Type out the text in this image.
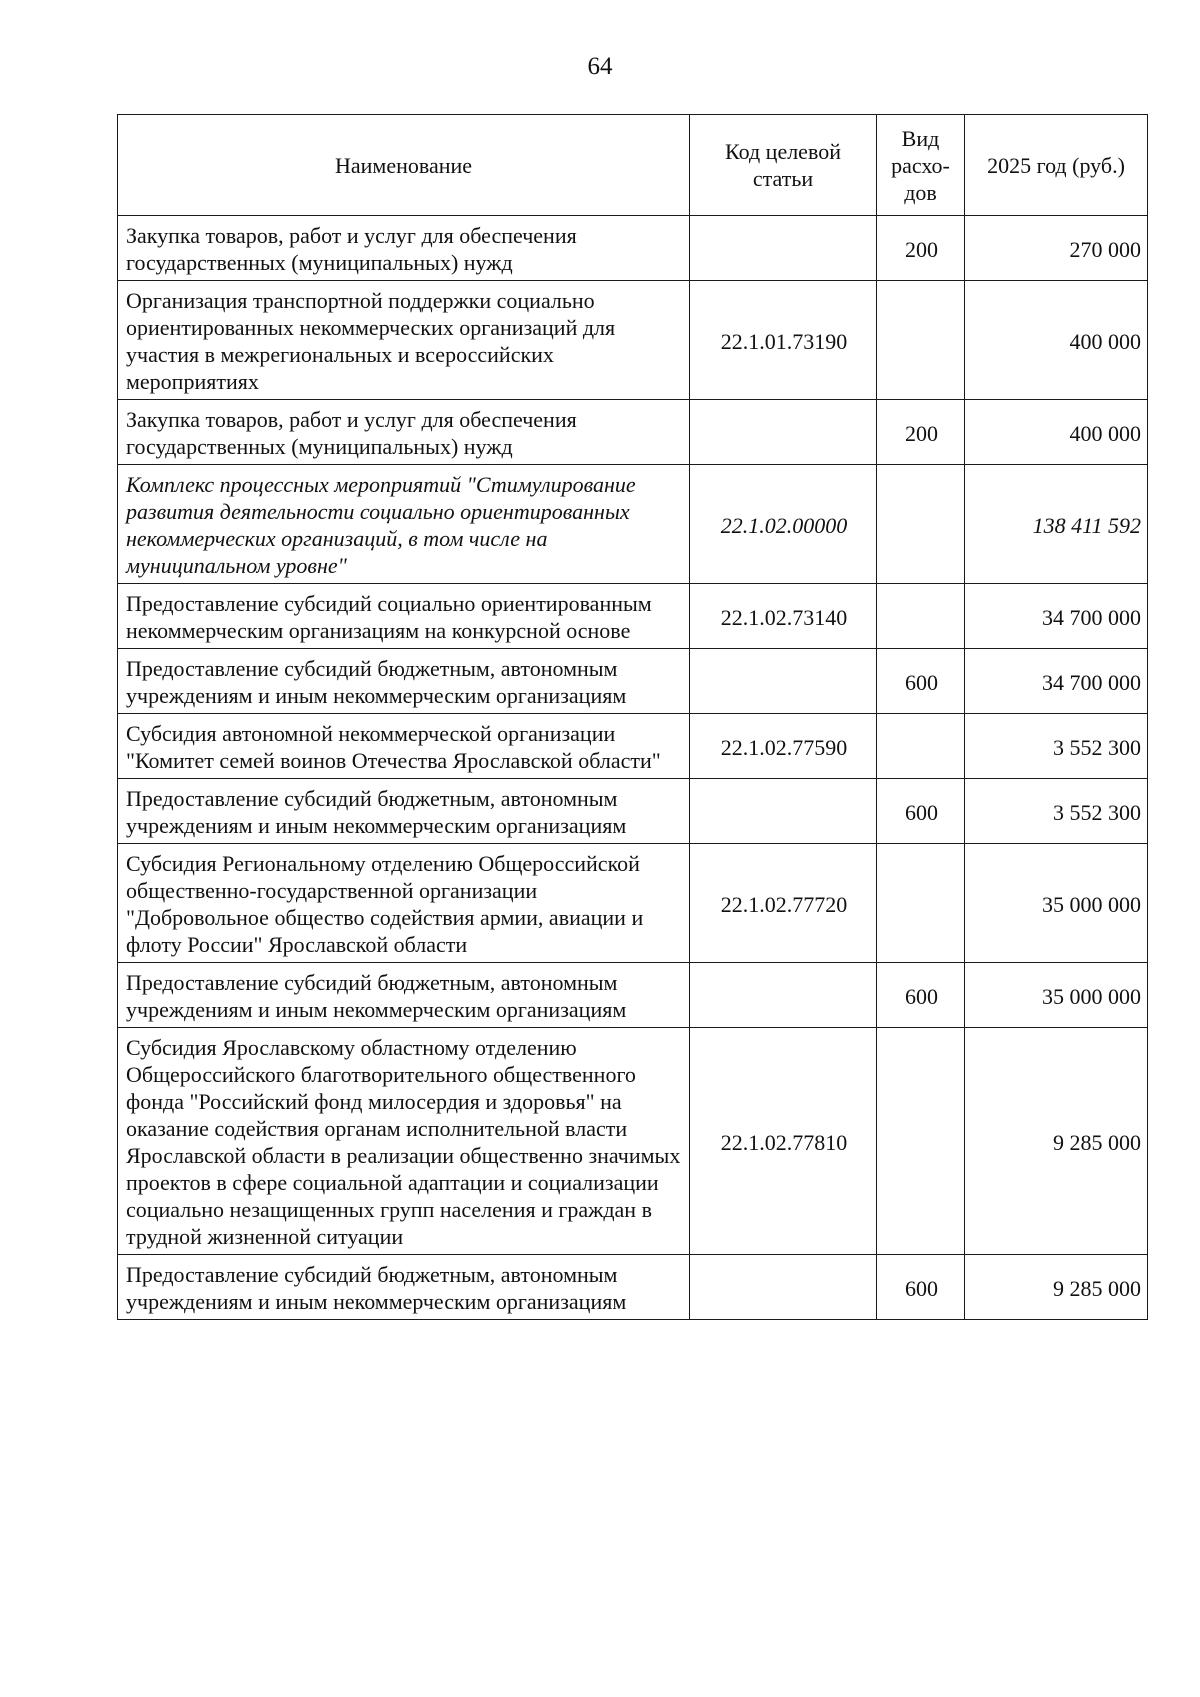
64
Наименование	Код целевой статьи	Вид расхо-дов	2025 год (руб.)
Закупка товаров, работ и услуг для обеспечения государственных (муниципальных) нужд		200	270 000
Организация транспортной поддержки социально ориентированных некоммерческих организаций для участия в межрегиональных и всероссийских мероприятиях	22.1.01.73190		400 000
Закупка товаров, работ и услуг для обеспечения государственных (муниципальных) нужд		200	400 000
Комплекс процессных мероприятий "Стимулирование развития деятельности социально ориентированных некоммерческих организаций, в том числе на муниципальном уровне"	22.1.02.00000		138 411 592
Предоставление субсидий социально ориентированным некоммерческим организациям на конкурсной основе	22.1.02.73140		34 700 000
Предоставление субсидий бюджетным, автономным учреждениям и иным некоммерческим организациям		600	34 700 000
Субсидия автономной некоммерческой организации "Комитет семей воинов Отечества Ярославской области"	22.1.02.77590		3 552 300
Предоставление субсидий бюджетным, автономным учреждениям и иным некоммерческим организациям		600	3 552 300
Субсидия Региональному отделению Общероссийской общественно-государственной организации "Добровольное общество содействия армии, авиации и флоту России" Ярославской области	22.1.02.77720		35 000 000
Предоставление субсидий бюджетным, автономным учреждениям и иным некоммерческим организациям		600	35 000 000
Субсидия Ярославскому областному отделению Общероссийского благотворительного общественного фонда "Российский фонд милосердия и здоровья" на оказание содействия органам исполнительной власти Ярославской области в реализации общественно значимых проектов в сфере социальной адаптации и социализации социально незащищенных групп населения и граждан в трудной жизненной ситуации	22.1.02.77810		9 285 000
Предоставление субсидий бюджетным, автономным учреждениям и иным некоммерческим организациям		600	9 285 000
